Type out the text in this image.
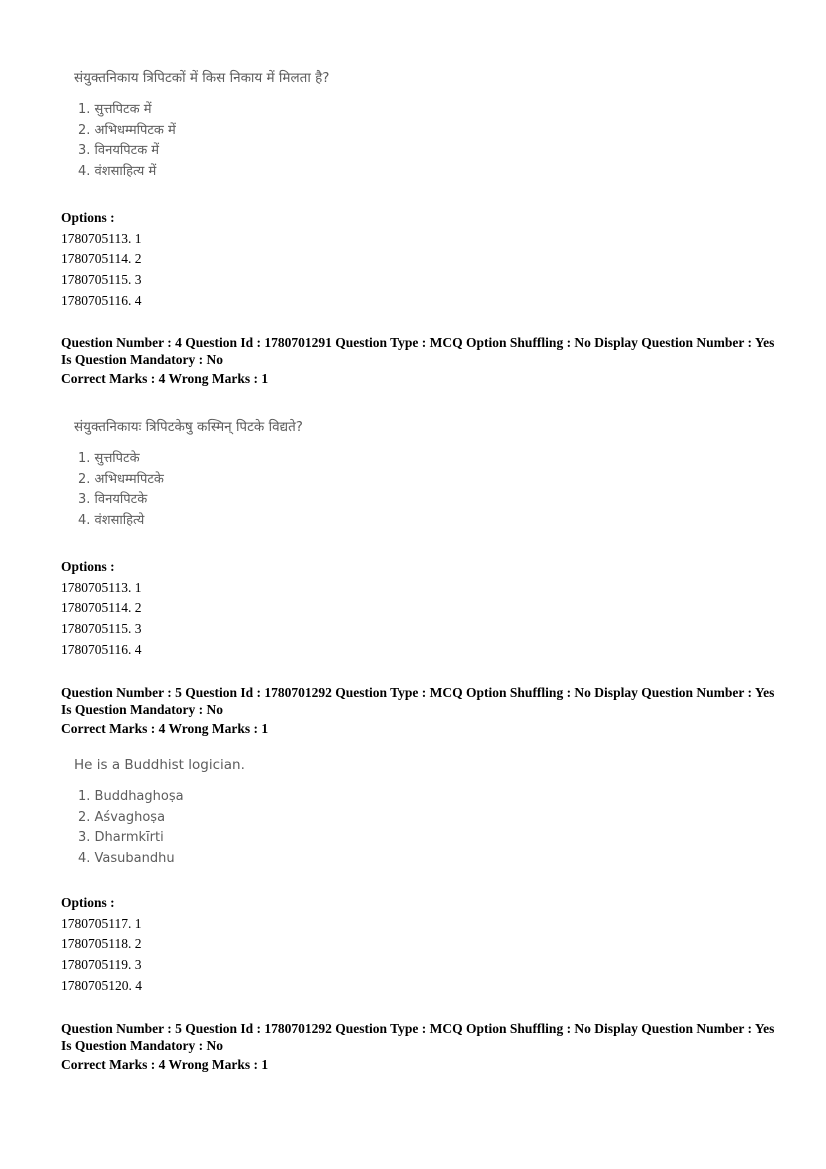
संयुक्तनिकाय त्रिपिटकों में किस निकाय में मिलता है?
1. सुत्तपिटक में
2. अभिधम्मपिटक में
3. विनयपिटक में
4. वंशसाहित्य में
Options :
1780705113. 1
1780705114. 2
1780705115. 3
1780705116. 4
Question Number : 4 Question Id : 1780701291 Question Type : MCQ Option Shuffling : No Display Question Number : Yes Is Question Mandatory : No
Correct Marks : 4 Wrong Marks : 1
संयुक्तनिकायः त्रिपिटकेषु कस्मिन् पिटके विद्यते?
1. सुत्तपिटके
2. अभिधम्मपिटके
3. विनयपिटके
4. वंशसाहित्ये
Options :
1780705113. 1
1780705114. 2
1780705115. 3
1780705116. 4
Question Number : 5 Question Id : 1780701292 Question Type : MCQ Option Shuffling : No Display Question Number : Yes Is Question Mandatory : No
Correct Marks : 4 Wrong Marks : 1
He is a Buddhist logician.
1. Buddhaghoṣa
2. Aśvaghoṣa
3. Dharmkīrti
4. Vasubandhu
Options :
1780705117. 1
1780705118. 2
1780705119. 3
1780705120. 4
Question Number : 5 Question Id : 1780701292 Question Type : MCQ Option Shuffling : No Display Question Number : Yes Is Question Mandatory : No
Correct Marks : 4 Wrong Marks : 1
